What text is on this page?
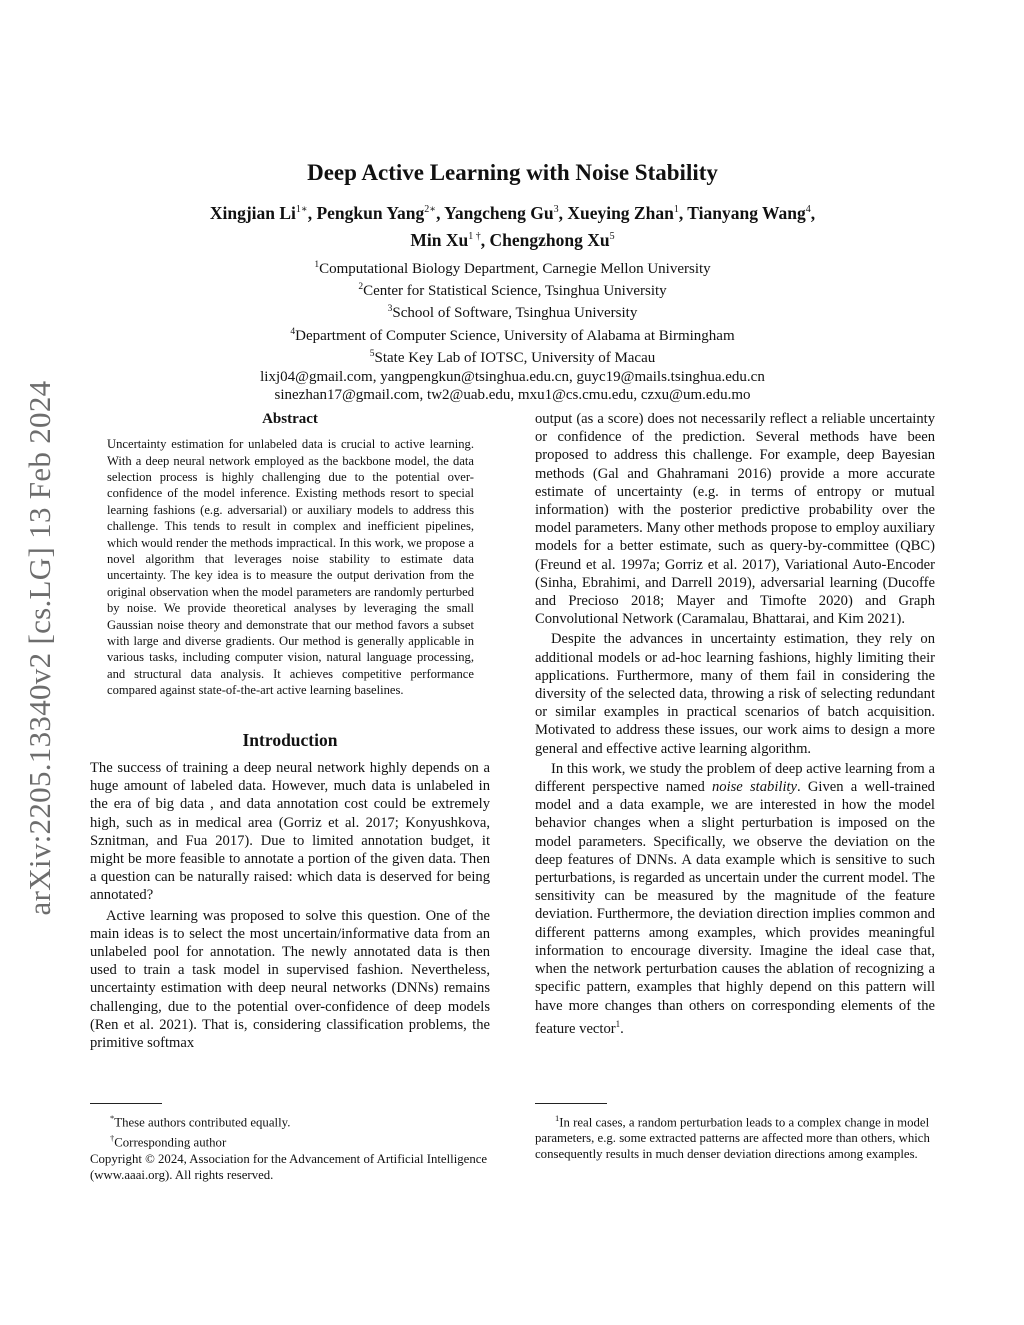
arXiv:2205.13340v2 [cs.LG] 13 Feb 2024
Deep Active Learning with Noise Stability
Xingjian $Li^{1∗}$, Pengkun Yang$^{2∗}$, Yangcheng Gu$^3$, Xueying Zhan$^1$, Tianyang Wang$^4$,
Min $Xu^{1 \dagger}$, Chengzhong Xu$^5$
$^1$Computational Biology Department, Carnegie Mellon University
$^2$Center for Statistical Science, Tsinghua University
$^3$School of Software, Tsinghua University
$^4$Department of Computer Science, University of Alabama at Birmingham
$^5$State Key Lab of IOTSC, University of Macau
lixj04@gmail.com, yangpengkun@tsinghua.edu.cn, guyc19@mails.tsinghua.edu.cn
sinezhan17@gmail.com, tw2@uab.edu, mxu1@cs.cmu.edu, czxu@um.edu.mo
Abstract

Uncertainty estimation for unlabeled data is crucial to active learning. With a deep neural network employed as the backbone model, the data selection process is highly challenging due to the potential over-confidence of the model inference. Existing methods resort to special learning fashions (e.g. adversarial) or auxiliary models to address this challenge. This tends to result in complex and inefficient pipelines, which would render the methods impractical. In this work, we propose a novel algorithm that leverages noise stability to estimate data uncertainty. The key idea is to measure the output derivation from the original observation when the model parameters are randomly perturbed by noise. We provide theoretical analyses by leveraging the small Gaussian noise theory and demonstrate that our method favors a subset with large and diverse gradients. Our method is generally applicable in various tasks, including computer vision, natural language processing, and structural data analysis. It achieves competitive performance compared against state-of-the-art active learning baselines.

Introduction

The success of training a deep neural network highly depends on a huge amount of labeled data. However, much data is unlabeled in the era of big data , and data annotation cost could be extremely high, such as in medical area (Gorriz et al. 2017; Konyushkova, Sznitman, and Fua 2017). Due to limited annotation budget, it might be more feasible to annotate a portion of the given data. Then a question can be naturally raised: which data is deserved for being annotated?

Active learning was proposed to solve this question. One of the main ideas is to select the most uncertain/informative data from an unlabeled pool for annotation. The newly annotated data is then used to train a task model in supervised fashion. Nevertheless, uncertainty estimation with deep neural networks (DNNs) remains challenging, due to the potential over-confidence of deep models (Ren et al. 2021). That is, considering classification problems, the primitive softmax

output (as a score) does not necessarily reflect a reliable uncertainty or confidence of the prediction. Several methods have been proposed to address this challenge. For example, deep Bayesian methods (Gal and Ghahramani 2016) provide a more accurate estimate of uncertainty (e.g. in terms of entropy or mutual information) with the posterior predictive probability over the model parameters. Many other methods propose to employ auxiliary models for a better estimate, such as query-by-committee (QBC) (Freund et al. 1997a; Gorriz et al. 2017), Variational Auto-Encoder (Sinha, Ebrahimi, and Darrell 2019), adversarial learning (Ducoffe and Precioso 2018; Mayer and Timofte 2020) and Graph Convolutional Network (Caramalau, Bhattarai, and Kim 2021).

Despite the advances in uncertainty estimation, they rely on additional models or ad-hoc learning fashions, highly limiting their applications. Furthermore, many of them fail in considering the diversity of the selected data, throwing a risk of selecting redundant or similar examples in practical scenarios of batch acquisition. Motivated to address these issues, our work aims to design a more general and effective active learning algorithm.

In this work, we study the problem of deep active learning from a different perspective named noise stability. Given a well-trained model and a data example, we are interested in how the model behavior changes when a slight perturbation is imposed on the model parameters. Specifically, we observe the deviation on the deep features of DNNs. A data example which is sensitive to such perturbations, is regarded as uncertain under the current model. The sensitivity can be measured by the magnitude of the feature deviation. Furthermore, the deviation direction implies common and different patterns among examples, which provides meaningful information to encourage diversity. Imagine the ideal case that, when the network perturbation causes the ablation of recognizing a specific pattern, examples that highly depend on this pattern will have more changes than others on corresponding elements of the feature vector$^1$.

*These authors contributed equally.
†Corresponding author
Copyright © 2024, Association for the Advancement of Artificial Intelligence (www.aaai.org). All rights reserved.
$^1$In real cases, a random perturbation leads to a complex change in model parameters, e.g. some extracted patterns are affected more than others, which consequently results in much denser deviation directions among examples.
